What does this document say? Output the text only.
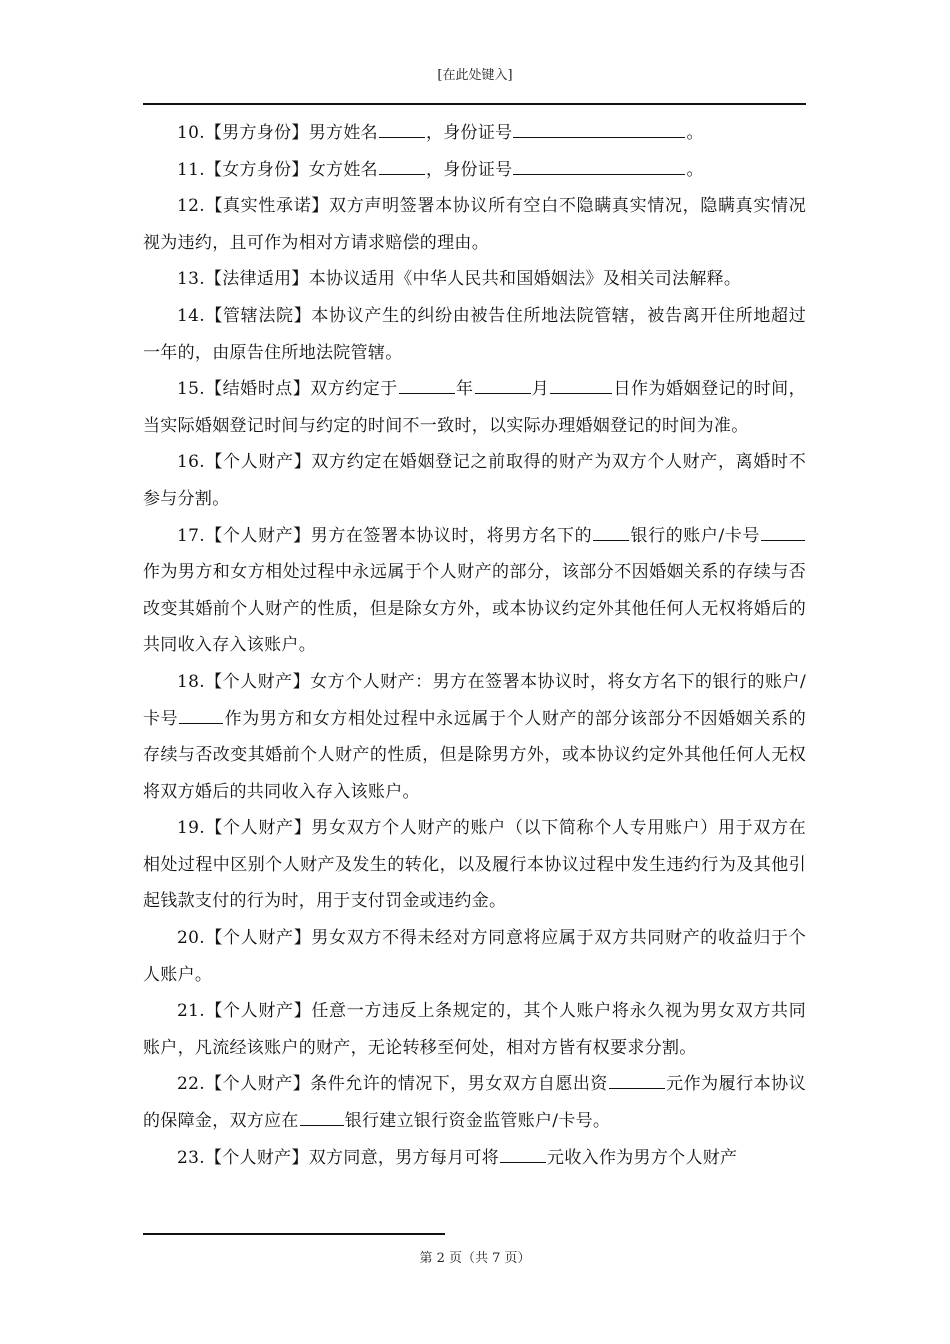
[在此处键入]

10.【男方身份】男方姓名	，身份证号	。

11.【女方身份】女方姓名	，身份证号	。

12.【真实性承诺】双方声明签署本协议所有空白不隐瞒真实情况，隐瞒真实情况视为违约，且可作为相对方请求赔偿的理由。

13.【法律适用】本协议适用《中华人民共和国婚姻法》及相关司法解释。

14.【管辖法院】本协议产生的纠纷由被告住所地法院管辖，被告离开住所地超过一年的，由原告住所地法院管辖。

15.【结婚时点】双方约定于	年	月	日作为婚姻登记的时间，当实际婚姻登记时间与约定的时间不一致时，以实际办理婚姻登记的时间为准。

16.【个人财产】双方约定在婚姻登记之前取得的财产为双方个人财产，离婚时不参与分割。

17.【个人财产】男方在签署本协议时，将男方名下的 银行的账户/卡号作为男方和女方相处过程中永远属于个人财产的部分，该部分不因婚姻关系的存续与否改变其婚前个人财产的性质，但是除女方外，或本协议约定外其他任何人无权将婚后的共同收入存入该账户。

18.【个人财产】女方个人财产：男方在签署本协议时，将女方名下的银行的账户/卡号	作为男方和女方相处过程中永远属于个人财产的部分该部分不因婚姻关系的存续与否改变其婚前个人财产的性质，但是除男方外，或本协议约定外其他任何人无权将双方婚后的共同收入存入该账户。

19.【个人财产】男女双方个人财产的账户（以下简称个人专用账户）用于双方在相处过程中区别个人财产及发生的转化，以及履行本协议过程中发生违约行为及其他引起钱款支付的行为时，用于支付罚金或违约金。

20.【个人财产】男女双方不得未经对方同意将应属于双方共同财产的收益归于个人账户。

21.【个人财产】任意一方违反上条规定的，其个人账户将永久视为男女双方共同账户，凡流经该账户的财产，无论转移至何处，相对方皆有权要求分割。

22.【个人财产】条件允许的情况下，男女双方自愿出资	元作为履行本协议的保障金，双方应在	银行建立银行资金监管账户/卡号。

23.【个人财产】双方同意，男方每月可将	元收入作为男方个人财产

第 2 页（共 7 页）
